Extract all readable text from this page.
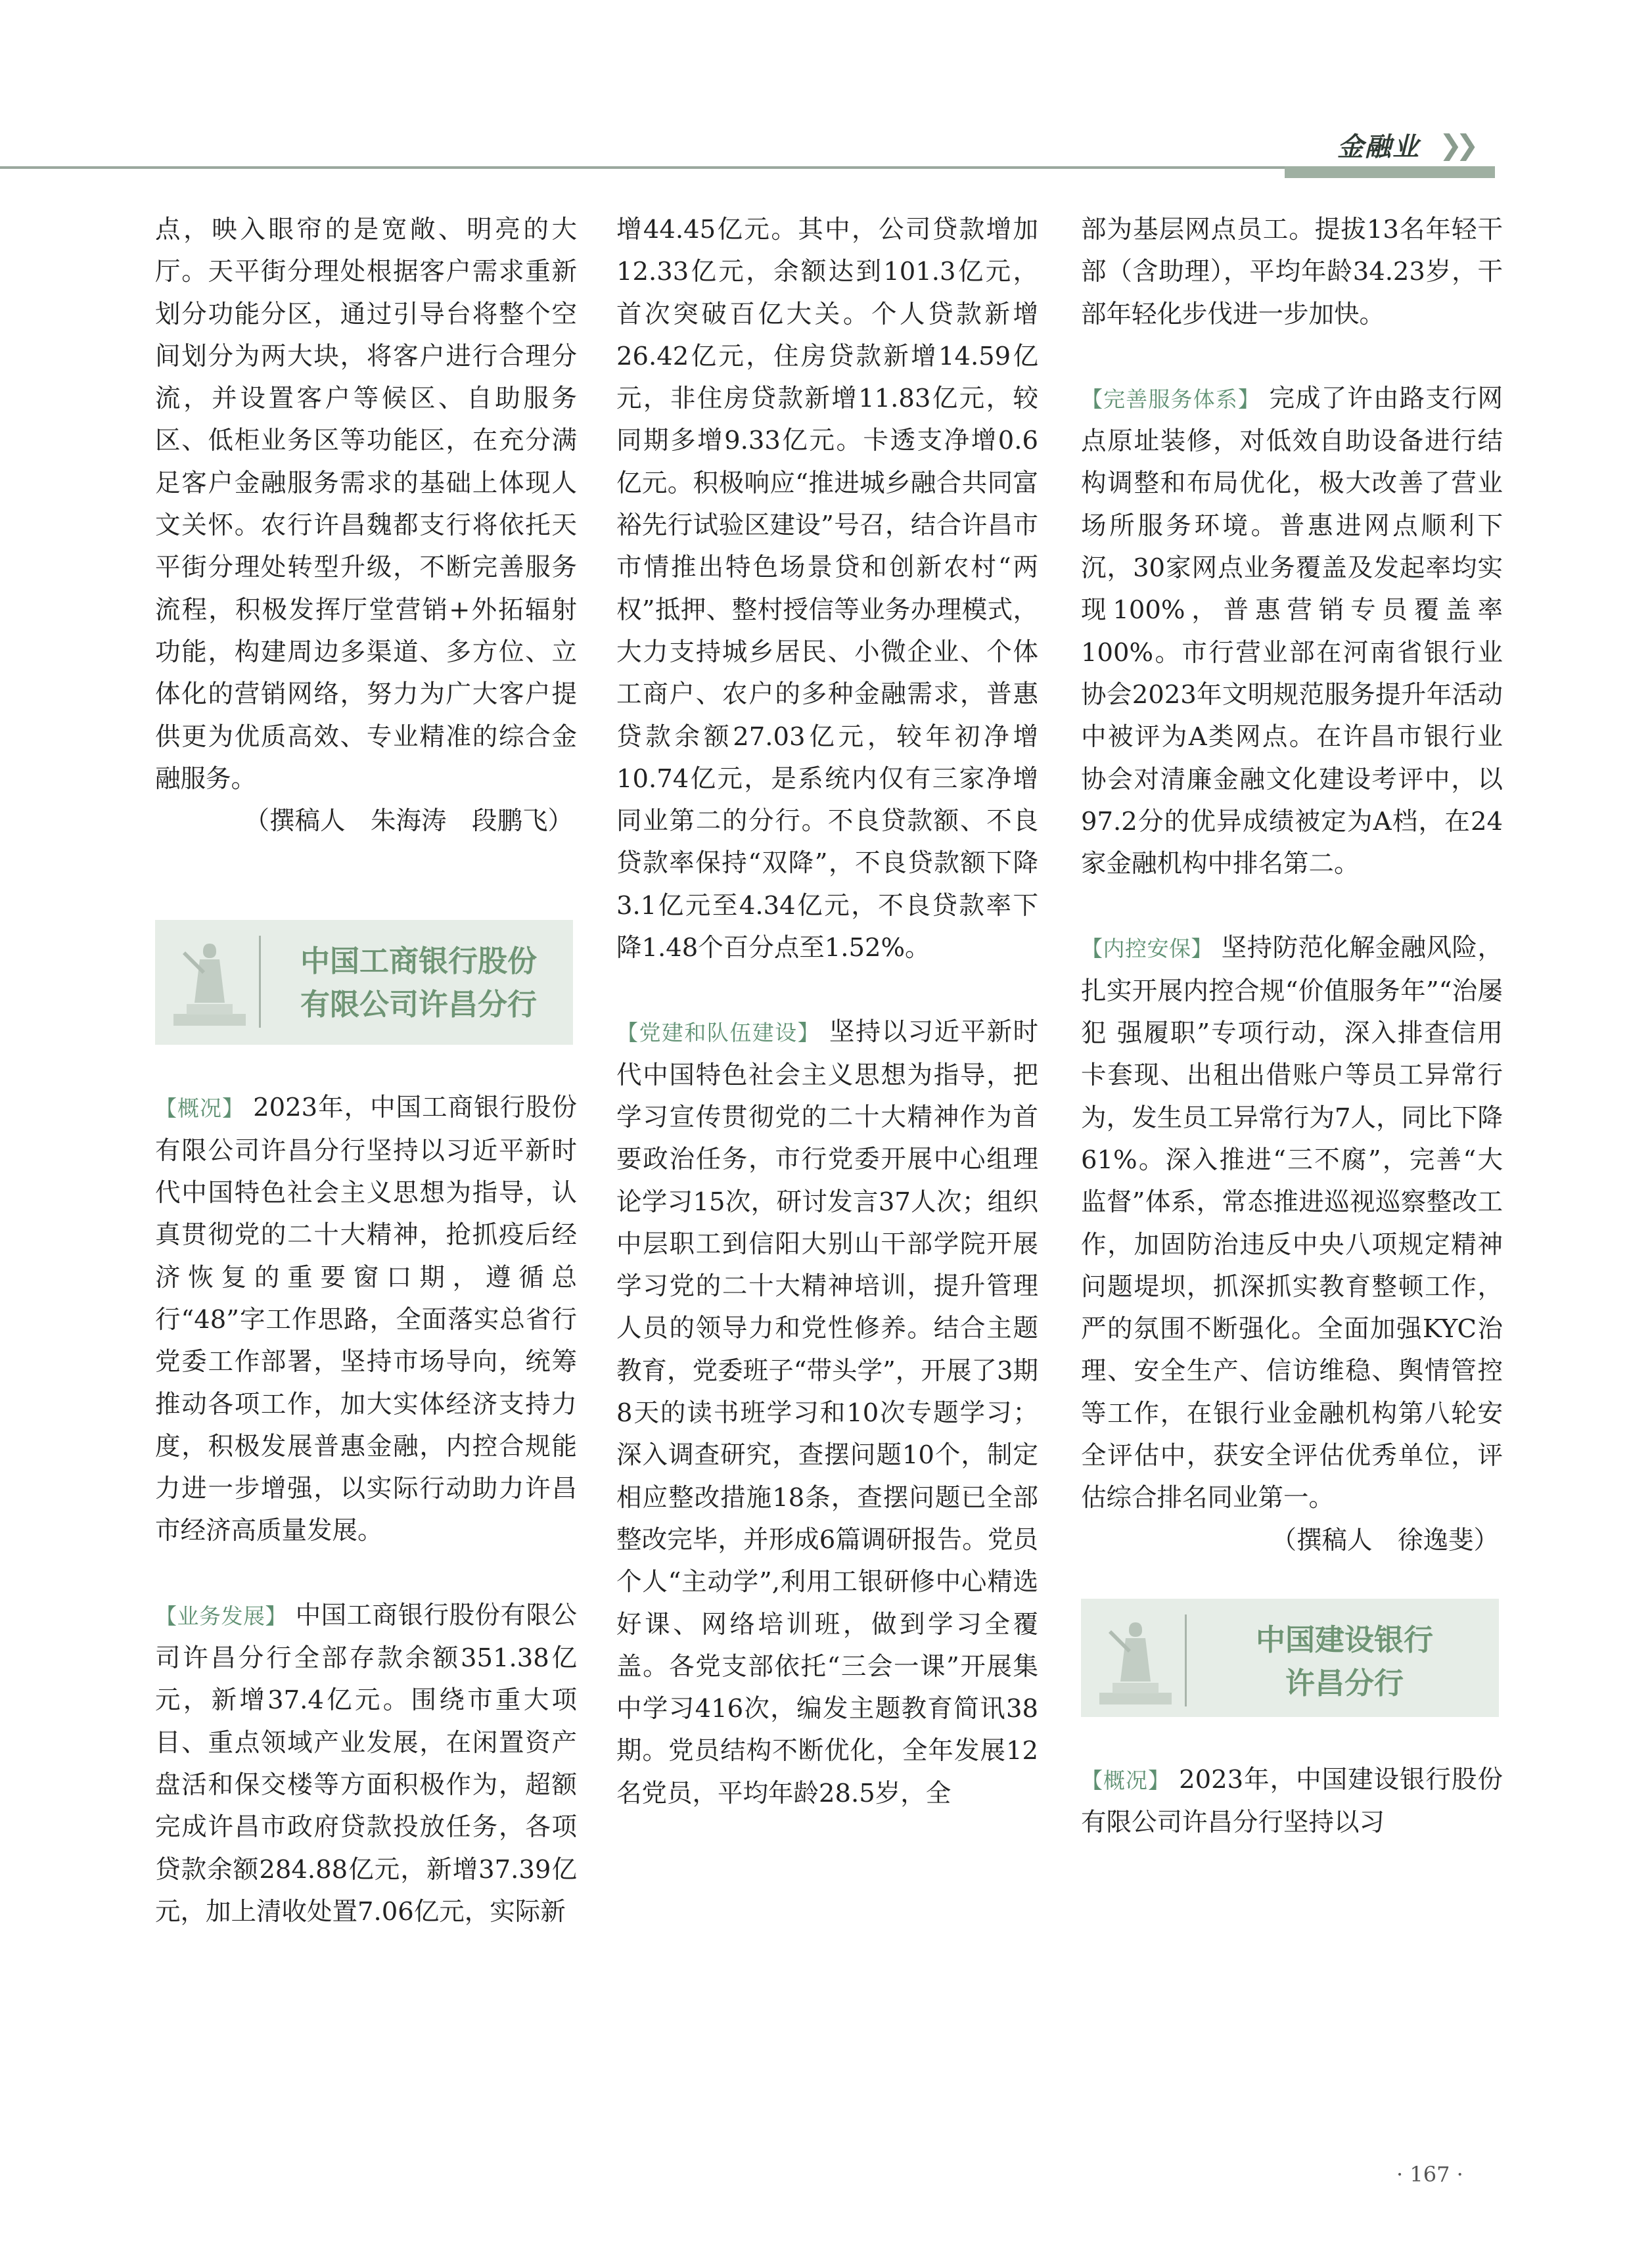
金融业 ❯❯

点，映入眼帘的是宽敞、明亮的大厅。天平街分理处根据客户需求重新划分功能分区，通过引导台将整个空间划分为两大块，将客户进行合理分流，并设置客户等候区、自助服务区、低柜业务区等功能区，在充分满足客户金融服务需求的基础上体现人文关怀。农行许昌魏都支行将依托天平街分理处转型升级，不断完善服务流程，积极发挥厅堂营销+外拓辐射功能，构建周边多渠道、多方位、立体化的营销网络，努力为广大客户提供更为优质高效、专业精准的综合金融服务。

（撰稿人　朱海涛　段鹏飞）

中国工商银行股份
有限公司许昌分行

【概况】 2023年，中国工商银行股份有限公司许昌分行坚持以习近平新时代中国特色社会主义思想为指导，认真贯彻党的二十大精神，抢抓疫后经济恢复的重要窗口期，遵循总行“48”字工作思路，全面落实总省行党委工作部署，坚持市场导向，统筹推动各项工作，加大实体经济支持力度，积极发展普惠金融，内控合规能力进一步增强，以实际行动助力许昌市经济高质量发展。

【业务发展】 中国工商银行股份有限公司许昌分行全部存款余额351.38亿元，新增37.4亿元。围绕市重大项目、重点领域产业发展，在闲置资产盘活和保交楼等方面积极作为，超额完成许昌市政府贷款投放任务，各项贷款余额284.88亿元，新增37.39亿元，加上清收处置7.06亿元，实际新

增44.45亿元。其中，公司贷款增加12.33亿元，余额达到101.3亿元，首次突破百亿大关。个人贷款新增26.42亿元，住房贷款新增14.59亿元，非住房贷款新增11.83亿元，较同期多增9.33亿元。卡透支净增0.6亿元。积极响应“推进城乡融合共同富裕先行试验区建设”号召，结合许昌市市情推出特色场景贷和创新农村“两权”抵押、整村授信等业务办理模式，大力支持城乡居民、小微企业、个体工商户、农户的多种金融需求，普惠贷款余额27.03亿元，较年初净增10.74亿元，是系统内仅有三家净增同业第二的分行。不良贷款额、不良贷款率保持“双降”，不良贷款额下降3.1亿元至4.34亿元，不良贷款率下降1.48个百分点至1.52%。

【党建和队伍建设】 坚持以习近平新时代中国特色社会主义思想为指导，把学习宣传贯彻党的二十大精神作为首要政治任务，市行党委开展中心组理论学习15次，研讨发言37人次；组织中层职工到信阳大别山干部学院开展学习党的二十大精神培训，提升管理人员的领导力和党性修养。结合主题教育，党委班子“带头学”，开展了3期8天的读书班学习和10次专题学习；深入调查研究，查摆问题10个，制定相应整改措施18条，查摆问题已全部整改完毕，并形成6篇调研报告。党员个人“主动学”,利用工银研修中心精选好课、网络培训班，做到学习全覆盖。各党支部依托“三会一课”开展集中学习416次，编发主题教育简讯38期。党员结构不断优化，全年发展12名党员，平均年龄28.5岁，全

部为基层网点员工。提拔13名年轻干部（含助理），平均年龄34.23岁，干部年轻化步伐进一步加快。

【完善服务体系】 完成了许由路支行网点原址装修，对低效自助设备进行结构调整和布局优化，极大改善了营业场所服务环境。普惠进网点顺利下沉，30家网点业务覆盖及发起率均实现100%，普惠营销专员覆盖率100%。市行营业部在河南省银行业协会2023年文明规范服务提升年活动中被评为A类网点。在许昌市银行业协会对清廉金融文化建设考评中，以97.2分的优异成绩被定为A档，在24家金融机构中排名第二。

【内控安保】 坚持防范化解金融风险，扎实开展内控合规“价值服务年”“治屡犯 强履职”专项行动，深入排查信用卡套现、出租出借账户等员工异常行为，发生员工异常行为7人，同比下降61%。深入推进“三不腐”，完善“大监督”体系，常态推进巡视巡察整改工作，加固防治违反中央八项规定精神问题堤坝，抓深抓实教育整顿工作，严的氛围不断强化。全面加强KYC治理、安全生产、信访维稳、舆情管控等工作，在银行业金融机构第八轮安全评估中，获安全评估优秀单位，评估综合排名同业第一。

（撰稿人　徐逸斐）

中国建设银行
许昌分行

【概况】 2023年，中国建设银行股份有限公司许昌分行坚持以习

· 167 ·
